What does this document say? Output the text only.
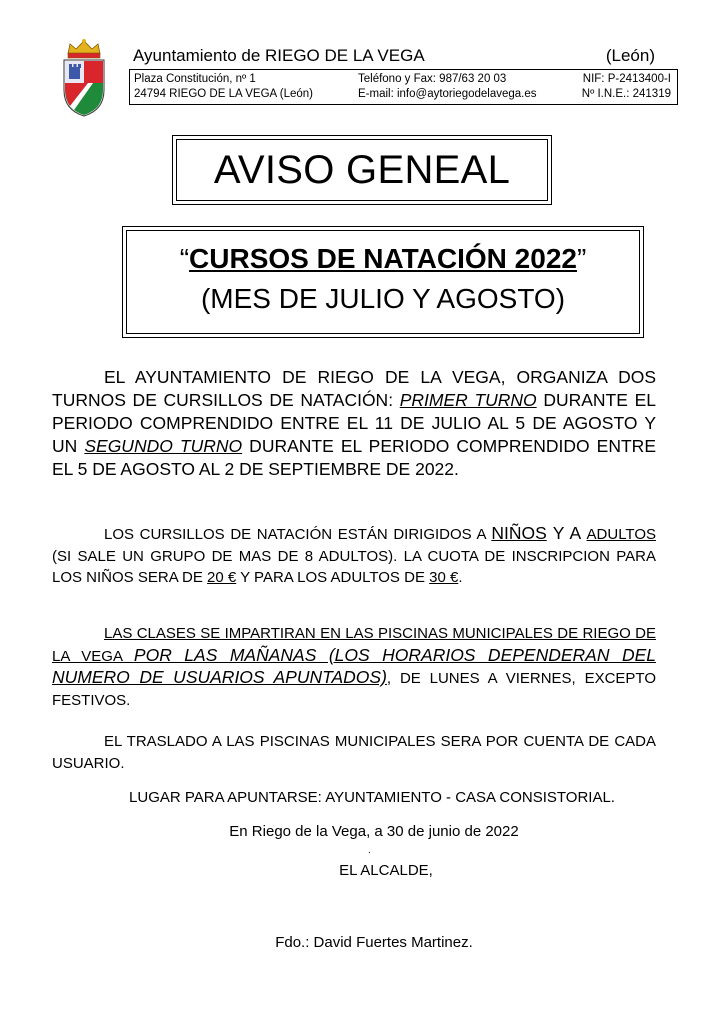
Ayuntamiento de RIEGO DE LA VEGA	(León)
Plaza Constitución, nº 1
24794 RIEGO DE LA VEGA (León)
Teléfono y Fax: 987/63 20 03
E-mail: info@aytoriegodelavega.es
NIF: P-2413400-I
Nº I.N.E.: 241319
AVISO GENEAL
“CURSOS DE NATACIÓN 2022”
(MES DE JULIO Y AGOSTO)

EL AYUNTAMIENTO DE RIEGO DE LA VEGA, ORGANIZA DOS TURNOS DE CURSILLOS DE NATACIÓN: PRIMER TURNO DURANTE EL PERIODO COMPRENDIDO ENTRE EL 11 DE JULIO AL 5 DE AGOSTO Y UN SEGUNDO TURNO DURANTE EL PERIODO COMPRENDIDO ENTRE EL 5 DE AGOSTO AL 2 DE SEPTIEMBRE DE 2022.

LOS CURSILLOS DE NATACIÓN ESTÁN DIRIGIDOS A NIÑOS Y A ADULTOS (SI SALE UN GRUPO DE MAS DE 8 ADULTOS). LA CUOTA DE INSCRIPCION PARA LOS NIÑOS SERA DE 20 € Y PARA LOS ADULTOS DE 30 €.

LAS CLASES SE IMPARTIRAN EN LAS PISCINAS MUNICIPALES DE RIEGO DE LA VEGA POR LAS MAÑANAS (LOS HORARIOS DEPENDERAN DEL NUMERO DE USUARIOS APUNTADOS), DE LUNES A VIERNES, EXCEPTO FESTIVOS.

EL TRASLADO A LAS PISCINAS MUNICIPALES SERA POR CUENTA DE CADA USUARIO.

LUGAR PARA APUNTARSE: AYUNTAMIENTO - CASA CONSISTORIAL.
En Riego de la Vega, a 30 de junio de 2022
.
EL ALCALDE,
Fdo.: David Fuertes Martinez.
